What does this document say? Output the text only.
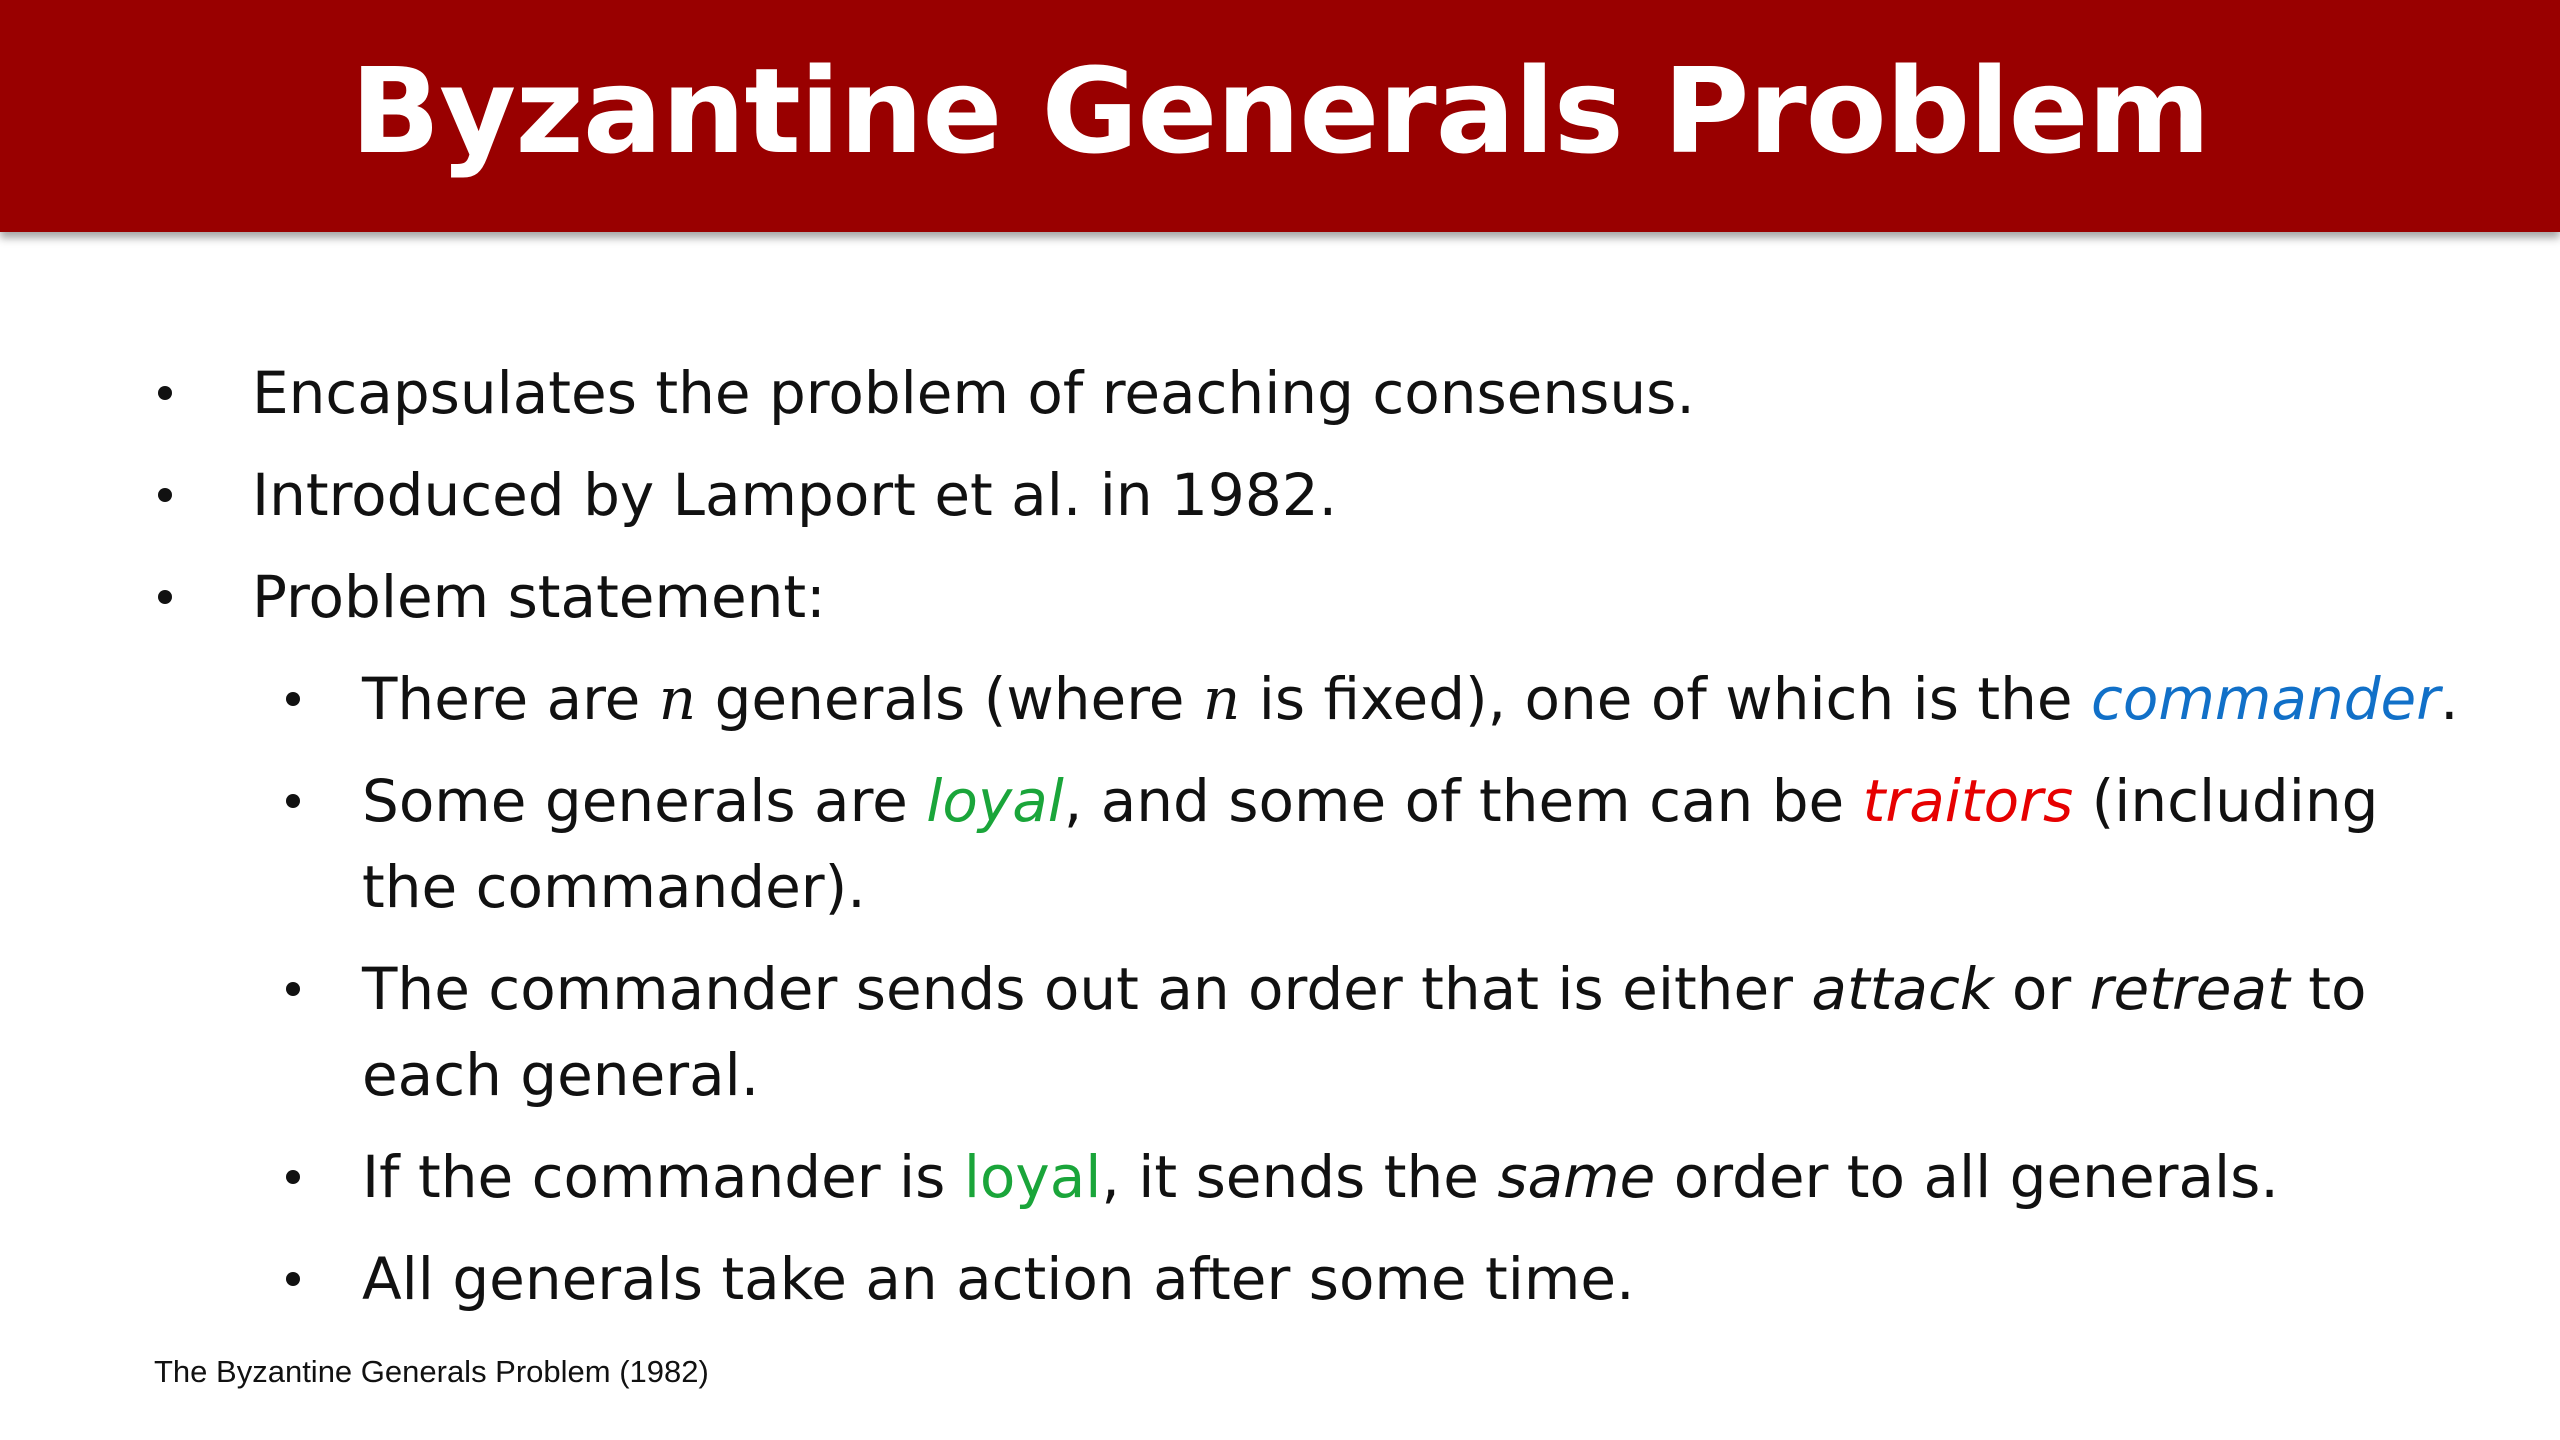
Byzantine Generals Problem
Encapsulates the problem of reaching consensus.
Introduced by Lamport et al. in 1982.
Problem statement:
There are n generals (where n is fixed), one of which is the commander.
Some generals are loyal, and some of them can be traitors (including
the commander).
The commander sends out an order that is either attack or retreat to
each general.
If the commander is loyal, it sends the same order to all generals.
All generals take an action after some time.
The Byzantine Generals Problem (1982)
